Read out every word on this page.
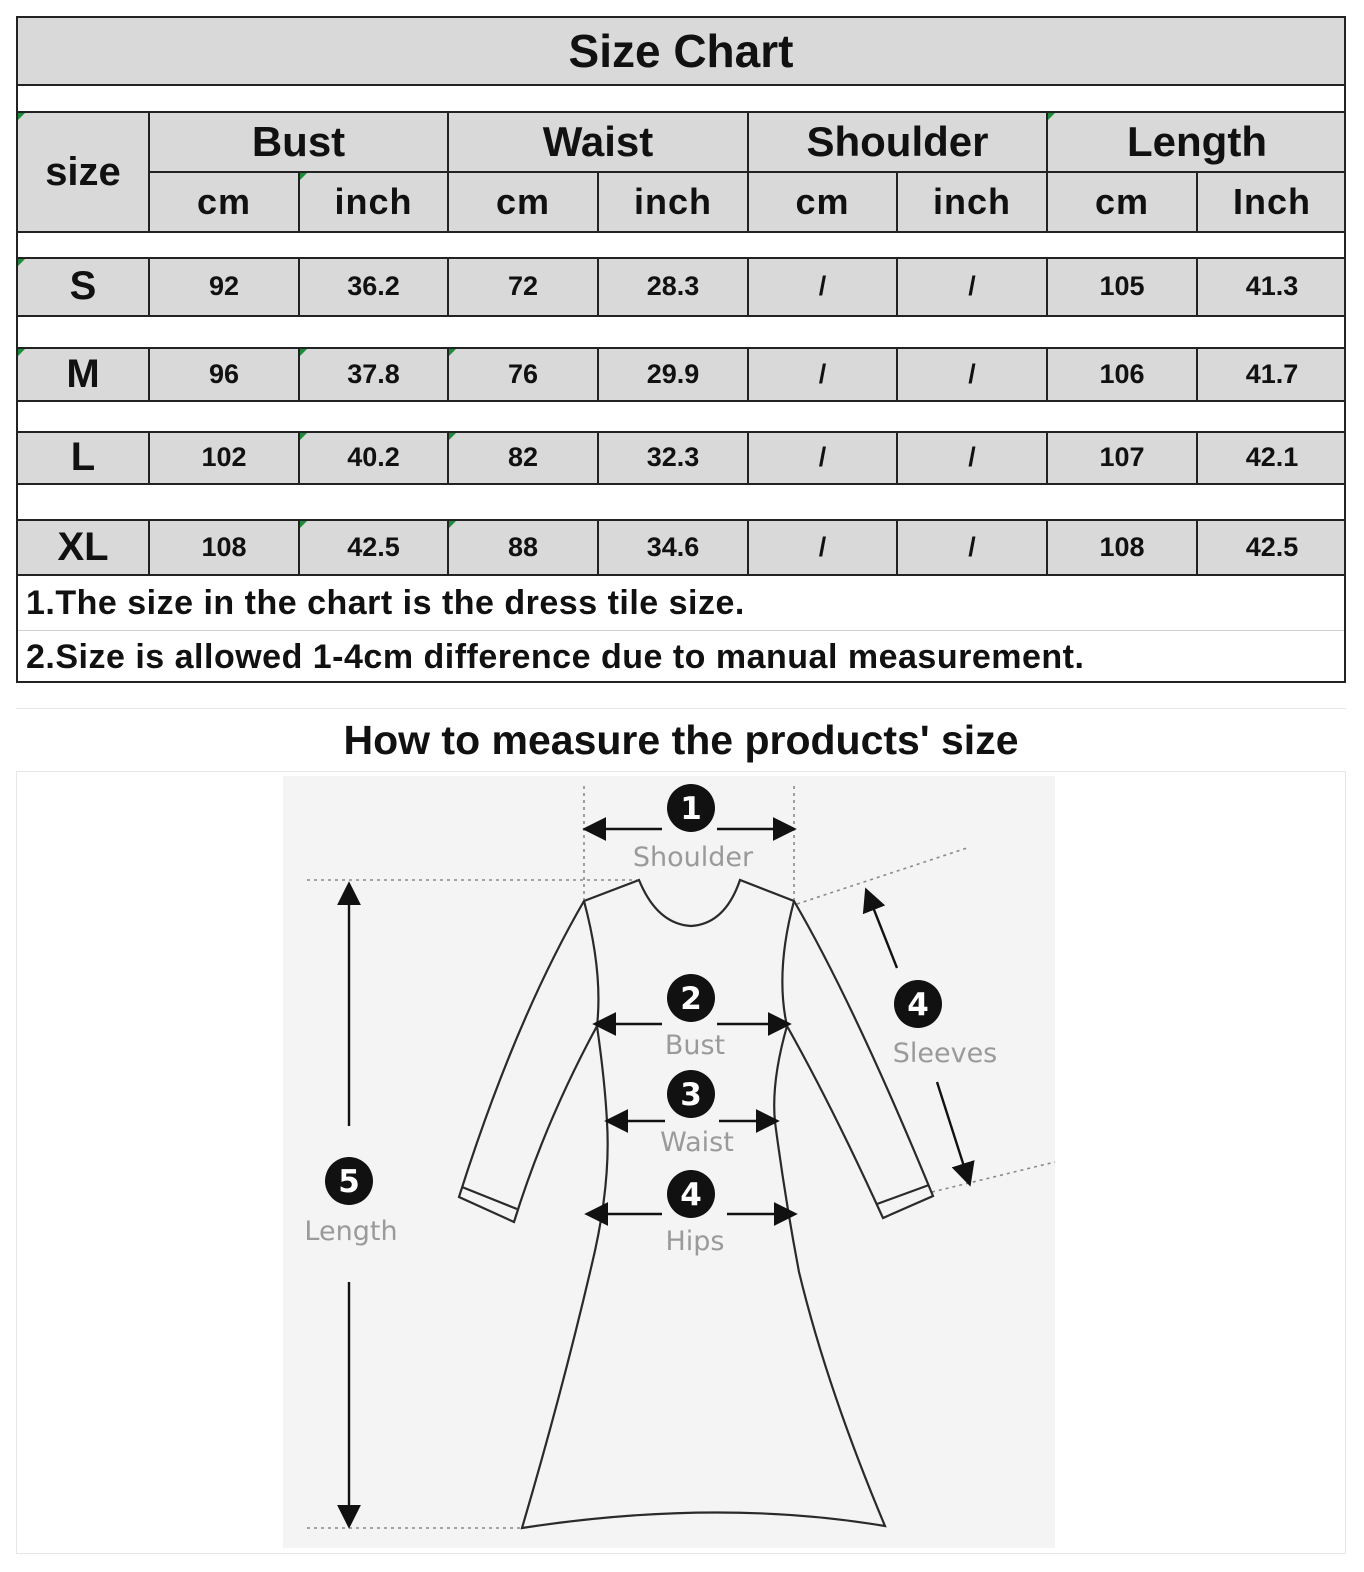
Size Chart
size
Bust	Waist	Shoulder	Length
cm	inch	cm	inch	cm	inch	cm	Inch
S	92	36.2	72	28.3	/	/	105	41.3
M	96	37.8	76	29.9	/	/	106	41.7
L	102	40.2	82	32.3	/	/	107	42.1
XL	108	42.5	88	34.6	/	/	108	42.5
1.The size in the chart is the dress tile size.
2.Size is allowed 1-4cm difference due to manual measurement.
How to measure the products' size
1
Shoulder
2
Bust
3
Waist
4
Hips
4
Sleeves
5
Length
